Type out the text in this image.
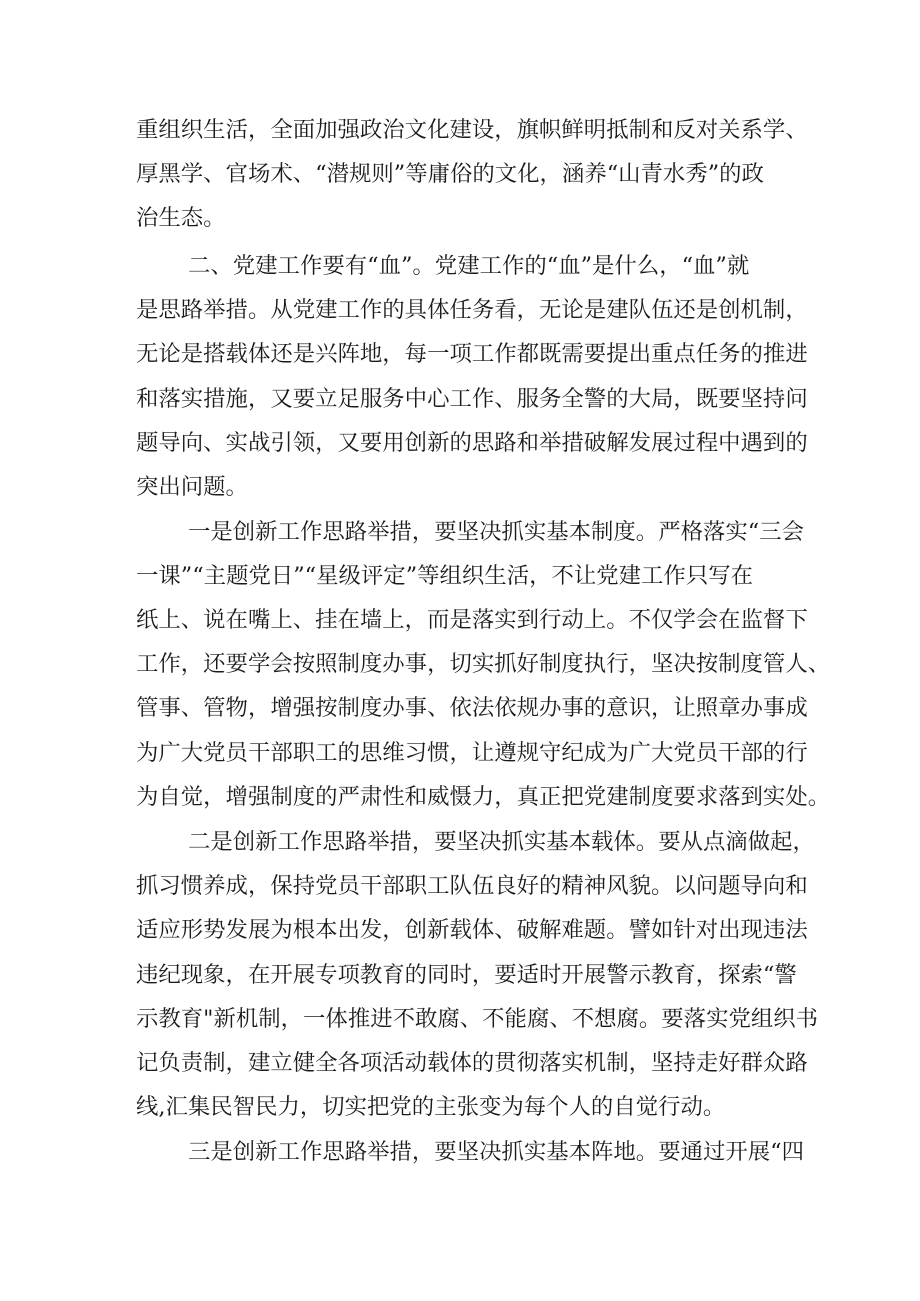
重组织生活，全面加强政治文化建设，旗帜鲜明抵制和反对关系学、
厚黑学、官场术、“潜规则”等庸俗的文化，涵养“山青水秀”的政
治生态。
二、党建工作要有“血”。党建工作的“血”是什么，“血”就
是思路举措。从党建工作的具体任务看，无论是建队伍还是创机制，
无论是搭载体还是兴阵地，每一项工作都既需要提出重点任务的推进
和落实措施，又要立足服务中心工作、服务全警的大局，既要坚持问
题导向、实战引领，又要用创新的思路和举措破解发展过程中遇到的
突出问题。
一是创新工作思路举措，要坚决抓实基本制度。严格落实“三会
一课”“主题党日”“星级评定”等组织生活，不让党建工作只写在
纸上、说在嘴上、挂在墙上，而是落实到行动上。不仅学会在监督下
工作，还要学会按照制度办事，切实抓好制度执行，坚决按制度管人、
管事、管物，增强按制度办事、依法依规办事的意识，让照章办事成
为广大党员干部职工的思维习惯，让遵规守纪成为广大党员干部的行
为自觉，增强制度的严肃性和威慑力，真正把党建制度要求落到实处。
二是创新工作思路举措，要坚决抓实基本载体。要从点滴做起，
抓习惯养成，保持党员干部职工队伍良好的精神风貌。以问题导向和
适应形势发展为根本出发，创新载体、破解难题。譬如针对出现违法
违纪现象，在开展专项教育的同时，要适时开展警示教育，探索“警
示教育"新机制，一体推进不敢腐、不能腐、不想腐。要落实党组织书
记负责制，建立健全各项活动载体的贯彻落实机制，坚持走好群众路
线,汇集民智民力，切实把党的主张变为每个人的自觉行动。
三是创新工作思路举措，要坚决抓实基本阵地。要通过开展“四
